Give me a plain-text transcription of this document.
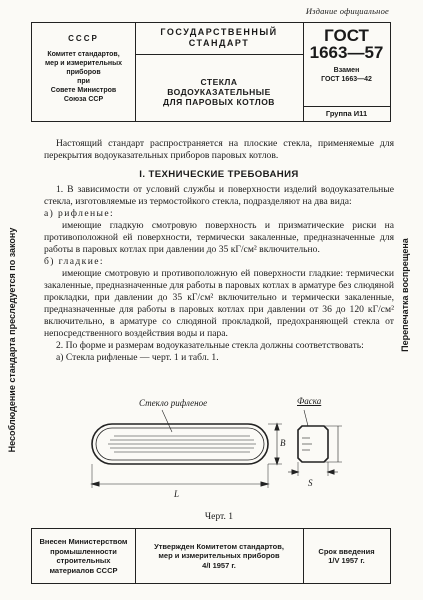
Издание официальное
СССР
Комитет стандартов,
мер и измерительных
приборов
при
Совете Министров
Союза ССР
ГОСУДАРСТВЕННЫЙ
СТАНДАРТ
СТЕКЛА
ВОДОУКАЗАТЕЛЬНЫЕ
ДЛЯ ПАРОВЫХ КОТЛОВ
ГОСТ
1663—57
Взамен
ГОСТ 1663—42
Группа И11
Несоблюдение стандарта преследуется по закону	Перепечатка воспрещена

Настоящий стандарт распространяется на плоские стекла, применяемые для перекрытия водоуказательных приборов паровых котлов.

I. ТЕХНИЧЕСКИЕ ТРЕБОВАНИЯ

1. В зависимости от условий службы и поверхности изделий водоуказательные стекла, изготовляемые из термостойкого стекла, подразделяют на два вида:

а) рифленые:

имеющие гладкую смотровую поверхность и призматические риски на противоположной ей поверхности, термически закаленные, предназначенные для работы в паровых котлах при давлении до 35 кГ/см² включительно.

б) гладкие:

имеющие смотровую и противоположную ей поверхности гладкие: термически закаленные, предназначенные для работы в паровых котлах в арматуре без слюдяной прокладки, при давлении до 35 кГ/см² включительно и термически закаленные, предназначенные для работы в паровых котлах при давлении от 36 до 120 кГ/см² включительно, в арматуре со слюдяной прокладкой, предохраняющей стекла от непосредственного воздействия воды и пара.

2. По форме и размерам водоуказательные стекла должны соответствовать:

а) Стекла рифленые — черт. 1 и табл. 1.

Стекло рифленое	Фаска
L
B
S
Черт. 1
Внесен Министерством
промышленности
строительных
материалов СССР
Утвержден Комитетом стандартов,
мер и измерительных приборов
4/I 1957 г.
Срок введения
1/V 1957 г.
